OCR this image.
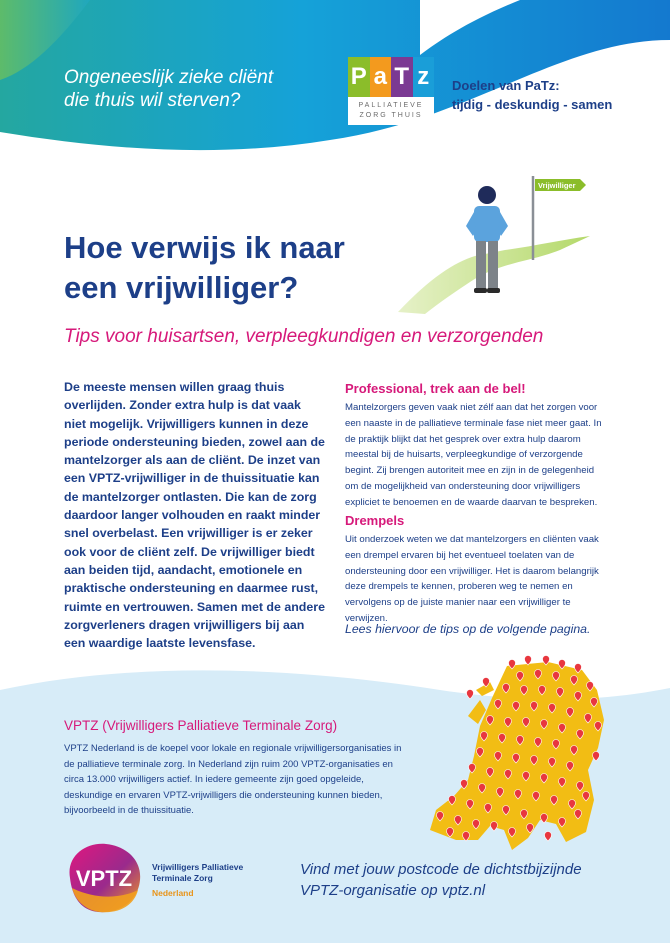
Ongeneeslijk zieke cliënt
die thuis wil sterven?

P a T z
PALLIATIEVE
ZORG THUIS
Doelen van PaTz:
tijdig - deskundig - samen
Vrijwilliger
Hoe verwijs ik naar
een vrijwilliger?

Tips voor huisartsen, verpleegkundigen en verzorgenden

De meeste mensen willen graag thuis overlijden. Zonder extra hulp is dat vaak niet mogelijk. Vrijwilligers kunnen in deze periode ondersteuning bieden, zowel aan de mantelzorger als aan de cliënt. De inzet van een VPTZ-vrijwilliger in de thuissituatie kan de mantelzorger ontlasten. Die kan de zorg daardoor langer volhouden en raakt minder snel overbelast. Een vrijwilliger is er zeker ook voor de cliënt zelf. De vrijwilliger biedt aan beiden tijd, aandacht, emotionele en praktische ondersteuning en daarmee rust, ruimte en vertrouwen. Samen met de andere zorgverleners dragen vrijwilligers bij aan een waardige laatste levensfase.

Professional, trek aan de bel!

Mantelzorgers geven vaak niet zélf aan dat het zorgen voor een naaste in de palliatieve terminale fase niet meer gaat. In de praktijk blijkt dat het gesprek over extra hulp daarom meestal bij de huisarts, verpleegkundige of verzorgende begint. Zij brengen autoriteit mee en zijn in de gelegenheid om de mogelijkheid van ondersteuning door vrijwilligers expliciet te benoemen en de waarde daarvan te bespreken.

Drempels

Uit onderzoek weten we dat mantelzorgers en cliënten vaak een drempel ervaren bij het eventueel toelaten van de ondersteuning door een vrijwilliger. Het is daarom belangrijk deze drempels te kennen, proberen weg te nemen en vervolgens op de juiste manier naar een vrijwilliger te verwijzen.

Lees hiervoor de tips op de volgende pagina.

VPTZ (Vrijwilligers Palliatieve Terminale Zorg)

VPTZ Nederland is de koepel voor lokale en regionale vrijwilligersorganisaties in de palliatieve terminale zorg. In Nederland zijn ruim 200 VPTZ-organisaties en circa 13.000 vrijwilligers actief. In iedere gemeente zijn goed opgeleide, deskundige en ervaren VPTZ-vrijwilligers die ondersteuning kunnen bieden, bijvoorbeeld in de thuissituatie.

VPTZ Vrijwilligers Palliatieve
Terminale Zorg
Nederland

Vind met jouw postcode de dichtstbijzijnde
VPTZ-organisatie op vptz.nl
